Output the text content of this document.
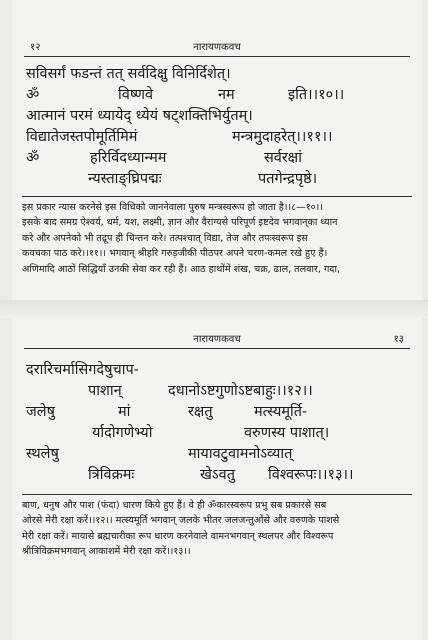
१२	नारायणकवच
सविसर्गं फडन्तं तत् सर्वदिक्षु विनिर्दिशेत्।
ॐ	विष्णवे	नम	इति।।१०।।
आत्मानं परमं ध्यायेद् ध्येयं षट्शक्तिभिर्युतम्।
विद्यातेजस्तपोमूर्तिमिमं	मन्त्रमुदाहरेत्।।११।।
ॐ	हरिर्विदध्यान्मम	सर्वरक्षां
न्यस्ताङ्घ्रिपद्मः	पतगेन्द्रपृष्ठे।
इस प्रकार न्यास करनेसे इस विधिको जाननेवाला पुरुष मन्त्रस्वरूप हो जाता है।।८—१०।।
इसके बाद समग्र ऐश्वर्य, धर्म, यश, लक्ष्मी, ज्ञान और वैराग्यसे परिपूर्ण इष्टदेव भगवान्‌का ध्यान
करे और अपनेको भी तद्रूप ही चिन्तन करे। तत्पश्चात् विद्या, तेज और तपःस्वरूप इस
कवचका पाठ करे।।११।। भगवान् श्रीहरि गरुड़जीकी पीठपर अपने चरण-कमल रखे हुए हैं।
अणिमादि आठों सिद्धियाँ उनकी सेवा कर रही हैं। आठ हाथोंमें शंख, चक्र, ढाल, तलवार, गदा,
नारायणकवच	१३
दरारिचर्मासिगदेषुचाप-
पाशान्	दधानोऽष्टगुणोऽष्टबाहुः।।१२।।
जलेषु	मां	रक्षतु	मत्स्यमूर्ति-
र्यादोगणेभ्यो	वरुणस्य पाशात्।
स्थलेषु	मायावटुवामनोऽव्यात्
त्रिविक्रमः	खेऽवतु विश्वरूपः।।१३।।
बाण, धनुष और पाश (फंदा) धारण किये हुए हैं। वे ही ॐकारस्वरूप प्रभु सब प्रकारसे सब
ओरसे मेरी रक्षा करें।।१२।। मत्स्यमूर्ति भगवान् जलके भीतर जलजन्तुओंसे और वरुणके पाशसे
मेरी रक्षा करें। मायासे ब्रह्मचारीका रूप धारण करनेवाले वामनभगवान् स्थलपर और विश्वरूप
श्रीत्रिविक्रमभगवान् आकाशमें मेरी रक्षा करें।।१३।।
